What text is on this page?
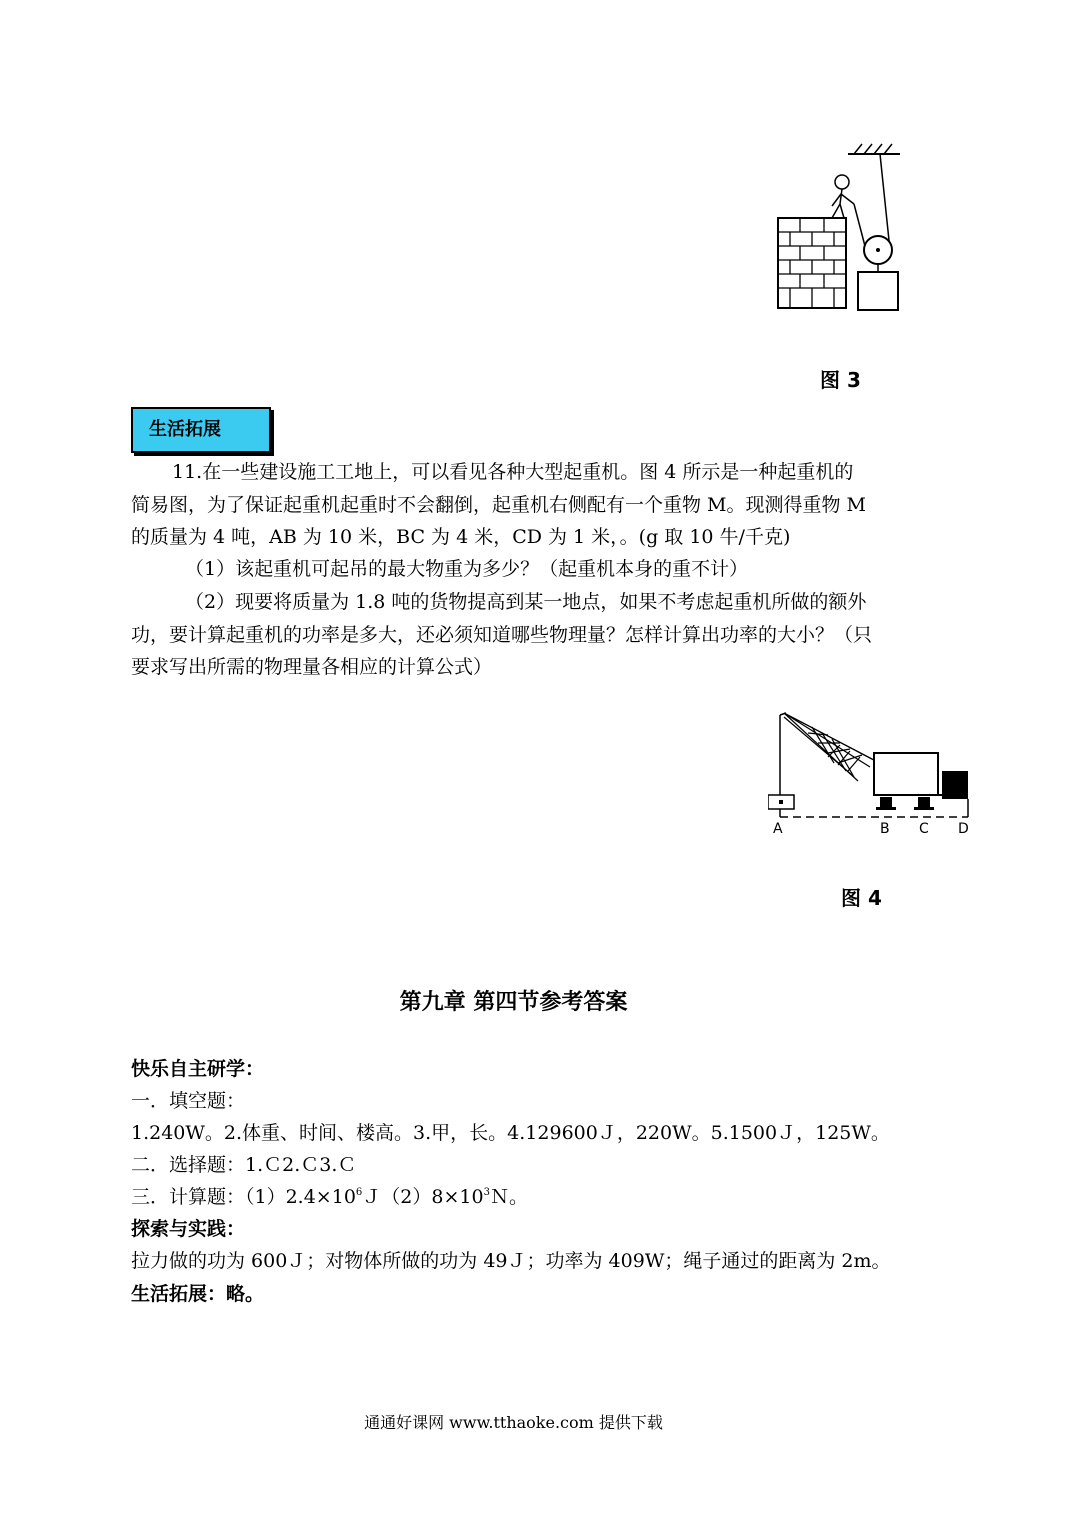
图 3
生活拓展
11.在一些建设施工工地上，可以看见各种大型起重机。图 4 所示是一种起重机的
简易图，为了保证起重机起重时不会翻倒，起重机右侧配有一个重物 M。现测得重物 M
的质量为 4 吨，AB 为 10 米，BC 为 4 米，CD 为 1 米，。(g 取 10 牛/千克)
（1）该起重机可起吊的最大物重为多少？（起重机本身的重不计）
（2）现要将质量为 1.8 吨的货物提高到某一地点，如果不考虑起重机所做的额外
功，要计算起重机的功率是多大，还必须知道哪些物理量？怎样计算出功率的大小？（只
要求写出所需的物理量各相应的计算公式）
A	B C D
图 4
第九章 第四节参考答案
快乐自主研学：
一．填空题：
1.240W。2.体重、时间、楼高。3.甲，长。4.129600Ｊ，220W。5.1500Ｊ，125W。
二．选择题：1.Ｃ2.Ｃ3.Ｃ
三．计算题：$(1)2.4\times 10^6J(2)8\times 10^3N$。
探索与实践：
拉力做的功为 600Ｊ；对物体所做的功为 49Ｊ；功率为 409W；绳子通过的距离为 2m。
生活拓展：略。
通通好课网 www.tthaoke.com 提供下载
